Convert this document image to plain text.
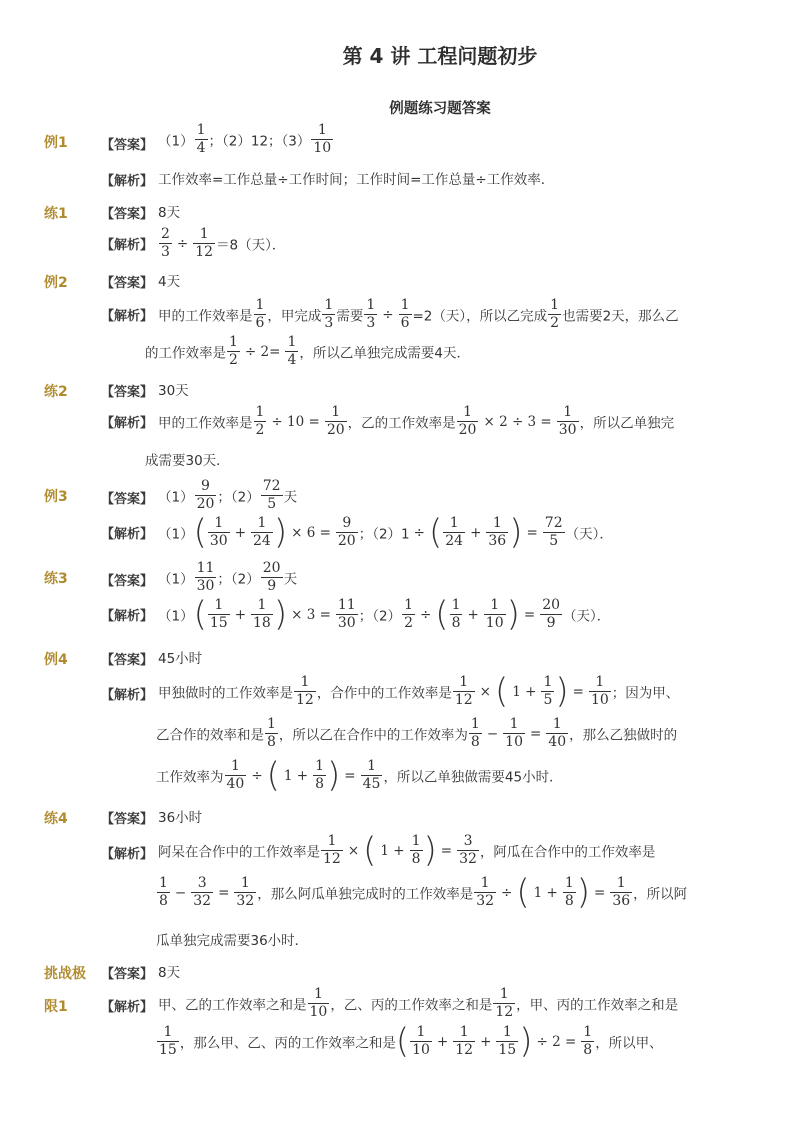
第 4 讲 工程问题初步
例题练习题答案
例1	【答案】 $(1) \frac{1}{4}$ ；（2）12；$(3) \frac{1}{10}$
【解析】 工作效率=工作总量÷工作时间；工作时间=工作总量÷工作效率．
练1	【答案】 8天
【解析】 $\frac{2}{3} \div \frac{1}{12} =8$（天）．
例2	【答案】 4天
【解析】 甲的工作效率是 $\frac{1}{6}$ ，甲完成 $\frac{1}{3}$ 需要 $\frac{1}{3} \div \frac{1}{6} =2$（天），所以乙完成 $\frac{1}{2}$ 也需要2天，那么乙
的工作效率是 $\frac{1}{2} \div 2= \frac{1}{4}$ ，所以乙单独完成需要4天．
练2	【答案】 30天
【解析】 甲的工作效率是 $\frac{1}{2} \div 10 = \frac{1}{20}$ ，乙的工作效率是 $\frac{1}{20} \times 2 \div 3 = \frac{1}{30}$ ，所以乙单独完
成需要30天．
例3	【答案】 $(1) \frac{9}{20}$ ；$(2) \frac{72}{5}$ 天
【解析】 $(1)( \frac{1}{30} + \frac{1}{24}$ ) × $6 = \frac{9}{20}$ ；（2）1 ÷ ( $\frac{1}{24} + \frac{1}{36}$ ) = $\frac{72}{5}$ （天）．
练3	【答案】 $(1) \frac{11}{30}$ ；$(2) \frac{20}{9}$ 天
【解析】 $(1)( \frac{1}{15} + \frac{1}{18}$ ) × $3 = \frac{11}{30}$ ；$(2) \frac{1}{2}$ ÷ ( $\frac{1}{8} + \frac{1}{10}$ ) = $\frac{20}{9}$ （天）．
例4	【答案】 45小时
【解析】 甲独做时的工作效率是 $\frac{1}{12}$ ，合作中的工作效率是 $\frac{1}{12}$ × ( $1 + \frac{1}{5}$ ) = $\frac{1}{10}$ ；因为甲、
乙合作的效率和是 $\frac{1}{8}$ ，所以乙在合作中的工作效率为 $\frac{1}{8} - \frac{1}{10} = \frac{1}{40}$ ，那么乙独做时的
工作效率为 $\frac{1}{40}$ ÷ ( $1 + \frac{1}{8}$ ) = $\frac{1}{45}$ ，所以乙单独做需要45小时．
练4	【答案】 36小时
【解析】 阿呆在合作中的工作效率是 $\frac{1}{12}$ × ( $1 + \frac{1}{8}$ ) = $\frac{3}{32}$ ，阿瓜在合作中的工作效率是
$\frac{1}{8} - \frac{3}{32} = \frac{1}{32}$ ，那么阿瓜单独完成时的工作效率是 $\frac{1}{32}$ ÷ ( $1 + \frac{1}{8}$ ) = $\frac{1}{36}$ ，所以阿
瓜单独完成需要36小时．
挑战极 【答案】 8天
限1	【解析】 甲、乙的工作效率之和是 $\frac{1}{10}$ ，乙、丙的工作效率之和是 $\frac{1}{12}$ ，甲、丙的工作效率之和是
$\frac{1}{15}$ ，那么甲、乙、丙的工作效率之和是( $\frac{1}{10} + \frac{1}{12} + \frac{1}{15}$ ) ÷ $2 = \frac{1}{8}$ ，所以甲、
